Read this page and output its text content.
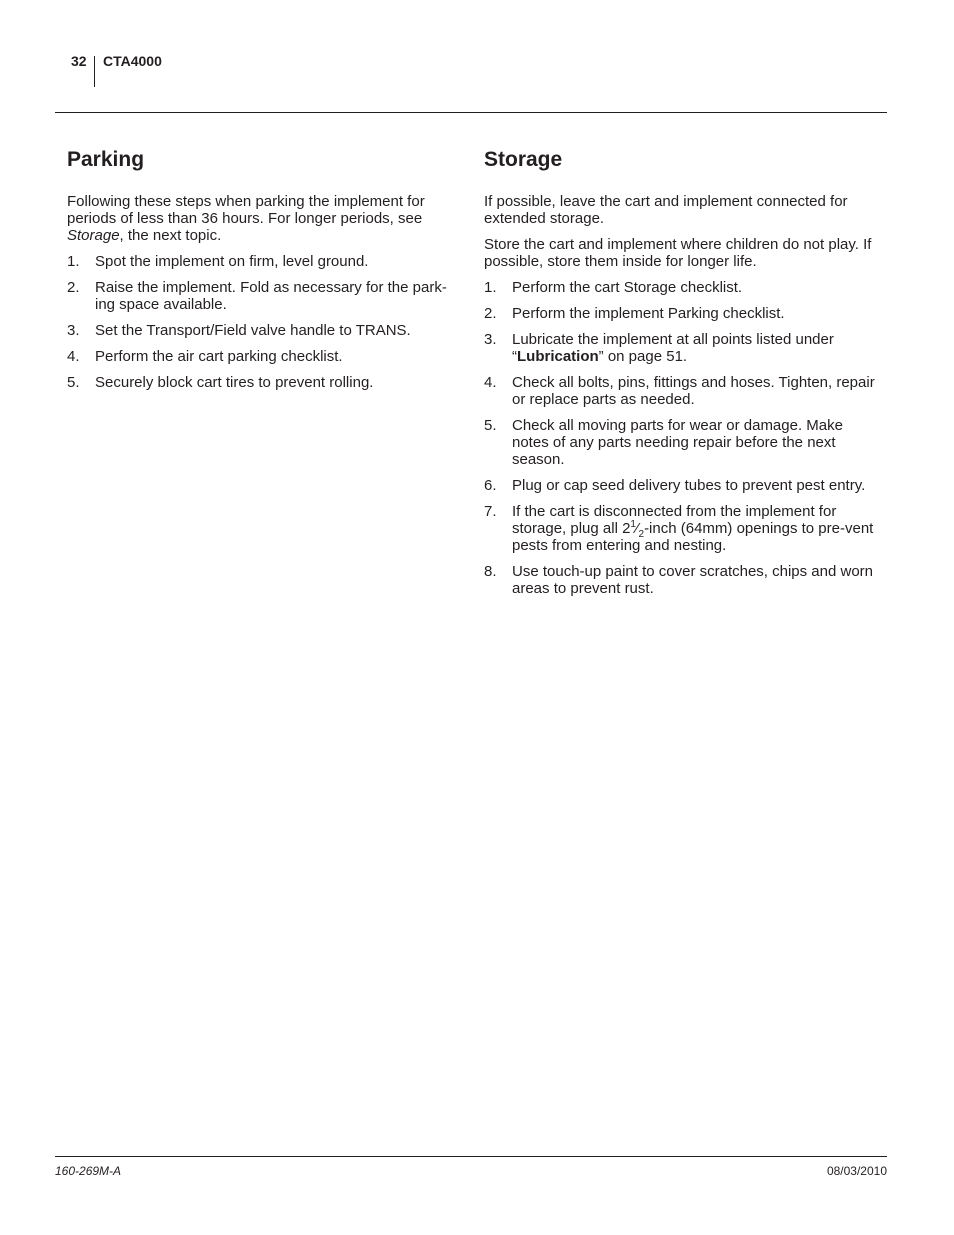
32 CTA4000
Parking

Following these steps when parking the implement for periods of less than 36 hours. For longer periods, see Storage, the next topic.

1. Spot the implement on firm, level ground.
2. Raise the implement. Fold as necessary for the park-ing space available.
3. Set the Transport/Field valve handle to TRANS.
4. Perform the air cart parking checklist.
5. Securely block cart tires to prevent rolling.
Storage

If possible, leave the cart and implement connected for extended storage.

Store the cart and implement where children do not play. If possible, store them inside for longer life.

1. Perform the cart Storage checklist.
2. Perform the implement Parking checklist.
3. Lubricate the implement at all points listed under “Lubrication” on page 51.
4. Check all bolts, pins, fittings and hoses. Tighten, repair or replace parts as needed.
5. Check all moving parts for wear or damage. Make notes of any parts needing repair before the next season.
6. Plug or cap seed delivery tubes to prevent pest entry.
7. If the cart is disconnected from the implement for storage, plug all $2^1⁄_2$-inch (64mm) openings to pre-vent pests from entering and nesting.
8. Use touch-up paint to cover scratches, chips and worn areas to prevent rust.
160-269M-A	08/03/2010
